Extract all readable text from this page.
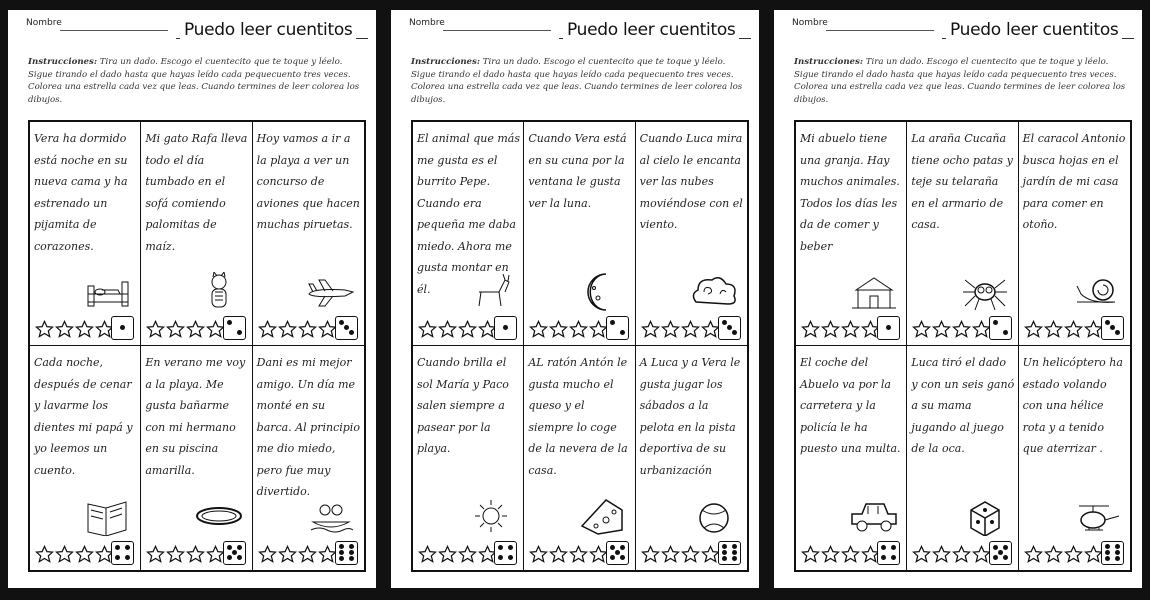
Nombre	Puedo leer cuentitos
Instrucciones: Tira un dado. Escogo el cuentecito que te toque y léelo. Sigue tirando el dado hasta que hayas leído cada pequecuento tres veces. Colorea una estrella cada vez que leas. Cuando termines de leer colorea los dibujos.
Vera ha dormido está noche en su nueva cama y ha estrenado un pijamita de corazones.
Mi gato Rafa lleva todo el día tumbado en el sofá comiendo palomitas de maíz.
Hoy vamos a ir a la playa a ver un concurso de aviones que hacen muchas piruetas.
Cada noche, después de cenar y lavarme los dientes mi papá y yo leemos un cuento.
En verano me voy a la playa. Me gusta bañarme con mi hermano en su piscina amarilla.
Dani es mi mejor amigo. Un día me monté en su barca. Al principio me dio miedo, pero fue muy divertido.
Nombre	Puedo leer cuentitos
Instrucciones: Tira un dado. Escogo el cuentecito que te toque y léelo. Sigue tirando el dado hasta que hayas leído cada pequecuento tres veces. Colorea una estrella cada vez que leas. Cuando termines de leer colorea los dibujos.
El animal que más me gusta es el burrito Pepe. Cuando era pequeña me daba miedo. Ahora me gusta montar en él.
Cuando Vera está en su cuna por la ventana le gusta ver la luna.
Cuando Luca mira al cielo le encanta ver las nubes moviéndose con el viento.
Cuando brilla el sol María y Paco salen siempre a pasear por la playa.
AL ratón Antón le gusta mucho el queso y el siempre lo coge de la nevera de la casa.
A Luca y a Vera le gusta jugar los sábados a la pelota en la pista deportiva de su urbanización
Nombre	Puedo leer cuentitos
Instrucciones: Tira un dado. Escogo el cuentecito que te toque y léelo. Sigue tirando el dado hasta que hayas leído cada pequecuento tres veces. Colorea una estrella cada vez que leas. Cuando termines de leer colorea los dibujos.
Mi abuelo tiene una granja. Hay muchos animales. Todos los días les da de comer y beber
La araña Cucaña tiene ocho patas y teje su telaraña en el armario de casa.
El caracol Antonio busca hojas en el jardín de mi casa para comer en otoño.
El coche del Abuelo va por la carretera y la policía le ha puesto una multa.
Luca tiró el dado y con un seis ganó a su mama jugando al juego de la oca.
Un helicóptero ha estado volando con una hélice rota y a tenido que aterrizar .
